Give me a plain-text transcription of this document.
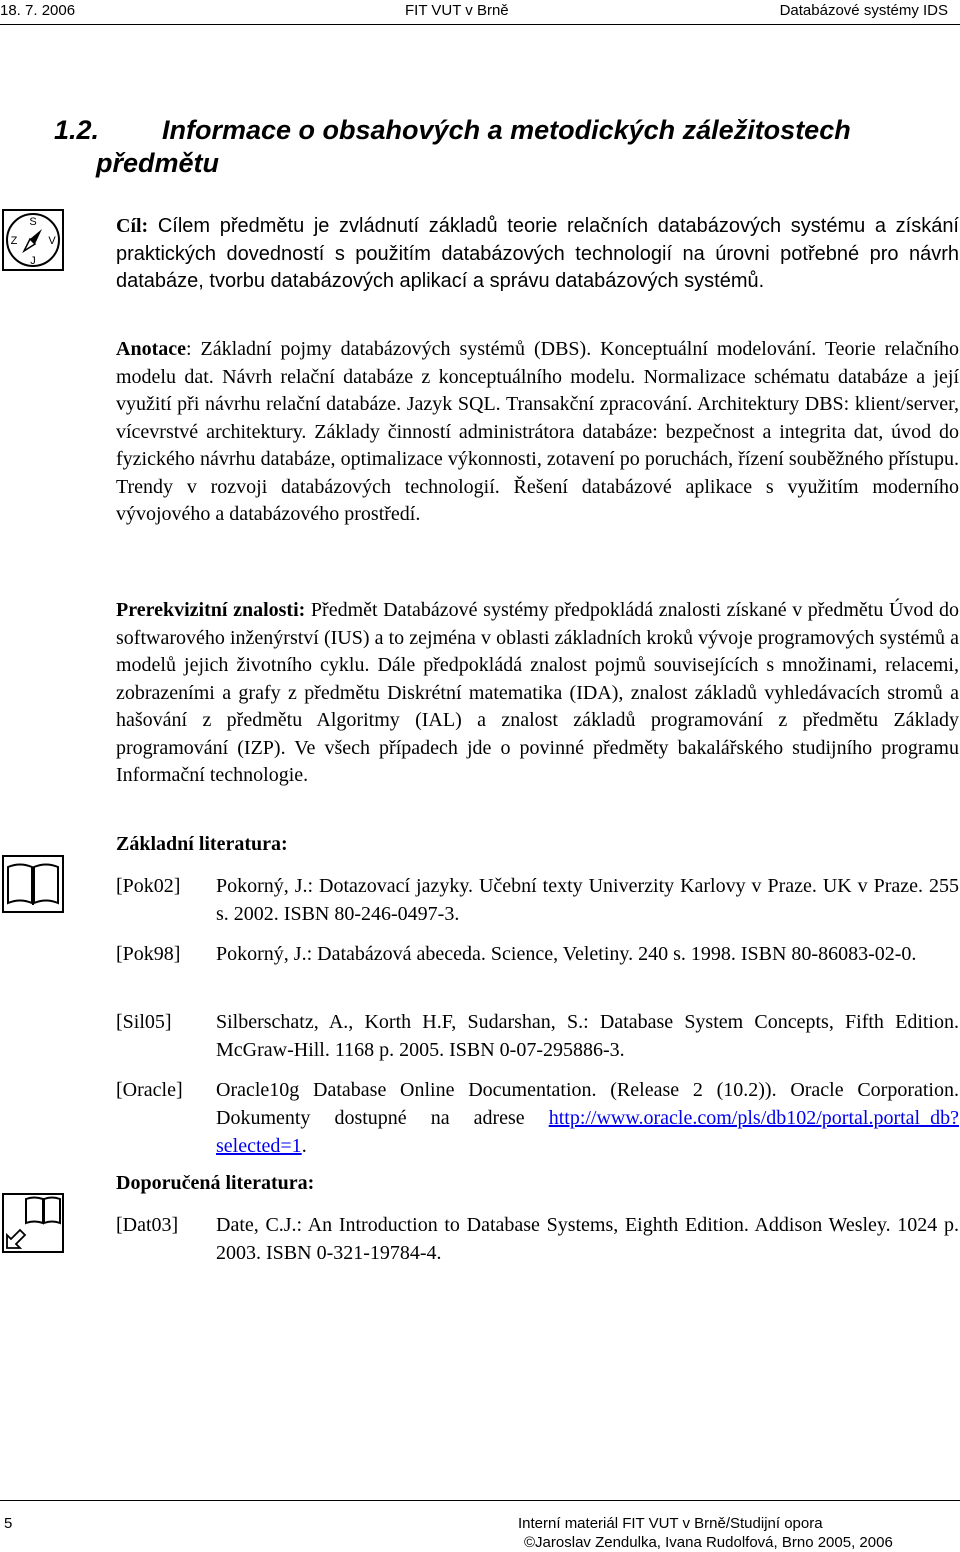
18. 7. 2006	FIT VUT v Brně	Databázové systémy IDS
1.2. Informace o obsahových a metodických záležitostech
předmětu
S
V
J
Z
Cíl: Cílem předmětu je zvládnutí základů teorie relačních databázových systému a získání praktických dovedností s použitím databázových technologií na úrovni potřebné pro návrh databáze, tvorbu databázových aplikací a správu databázových systémů.
Anotace: Základní pojmy databázových systémů (DBS). Konceptuální modelování. Teorie relačního modelu dat. Návrh relační databáze z konceptuálního modelu. Normalizace schématu databáze a její využití při návrhu relační databáze. Jazyk SQL. Transakční zpracování. Architektury DBS: klient/server, vícevrstvé architektury. Základy činností administrátora databáze: bezpečnost a integrita dat, úvod do fyzického návrhu databáze, optimalizace výkonnosti, zotavení po poruchách, řízení souběžného přístupu. Trendy v rozvoji databázových technologií. Řešení databázové aplikace s využitím moderního vývojového a databázového prostředí.
Prerekvizitní znalosti: Předmět Databázové systémy předpokládá znalosti získané v předmětu Úvod do softwarového inženýrství (IUS) a to zejména v oblasti základních kroků vývoje programových systémů a modelů jejich životního cyklu. Dále předpokládá znalost pojmů souvisejících s množinami, relacemi, zobrazeními a grafy z předmětu Diskrétní matematika (IDA), znalost základů vyhledávacích stromů a hašování z předmětu Algoritmy (IAL) a znalost základů programování z předmětu Základy programování (IZP). Ve všech případech jde o povinné předměty bakalářského studijního programu Informační technologie.
Základní literatura:
[Pok02] Pokorný, J.: Dotazovací jazyky. Učební texty Univerzity Karlovy v Praze. UK v Praze. 255 s. 2002. ISBN 80-246-0497-3.
[Pok98] Pokorný, J.: Databázová abeceda. Science, Veletiny. 240 s. 1998. ISBN 80-86083-02-0.
[Sil05] Silberschatz, A., Korth H.F, Sudarshan, S.: Database System Concepts, Fifth Edition. McGraw-Hill. 1168 p. 2005. ISBN 0-07-295886-3.
[Oracle] Oracle10g Database Online Documentation. (Release 2 (10.2)). Oracle Corporation. Dokumenty dostupné na adrese http://www.oracle.com/pls/db102/portal.portal_db?selected=1.
Doporučená literatura:
[Dat03] Date, C.J.: An Introduction to Database Systems, Eighth Edition. Addison Wesley. 1024 p. 2003. ISBN 0-321-19784-4.
5	Interní materiál FIT VUT v Brně/Studijní opora
©Jaroslav Zendulka, Ivana Rudolfová, Brno 2005, 2006
